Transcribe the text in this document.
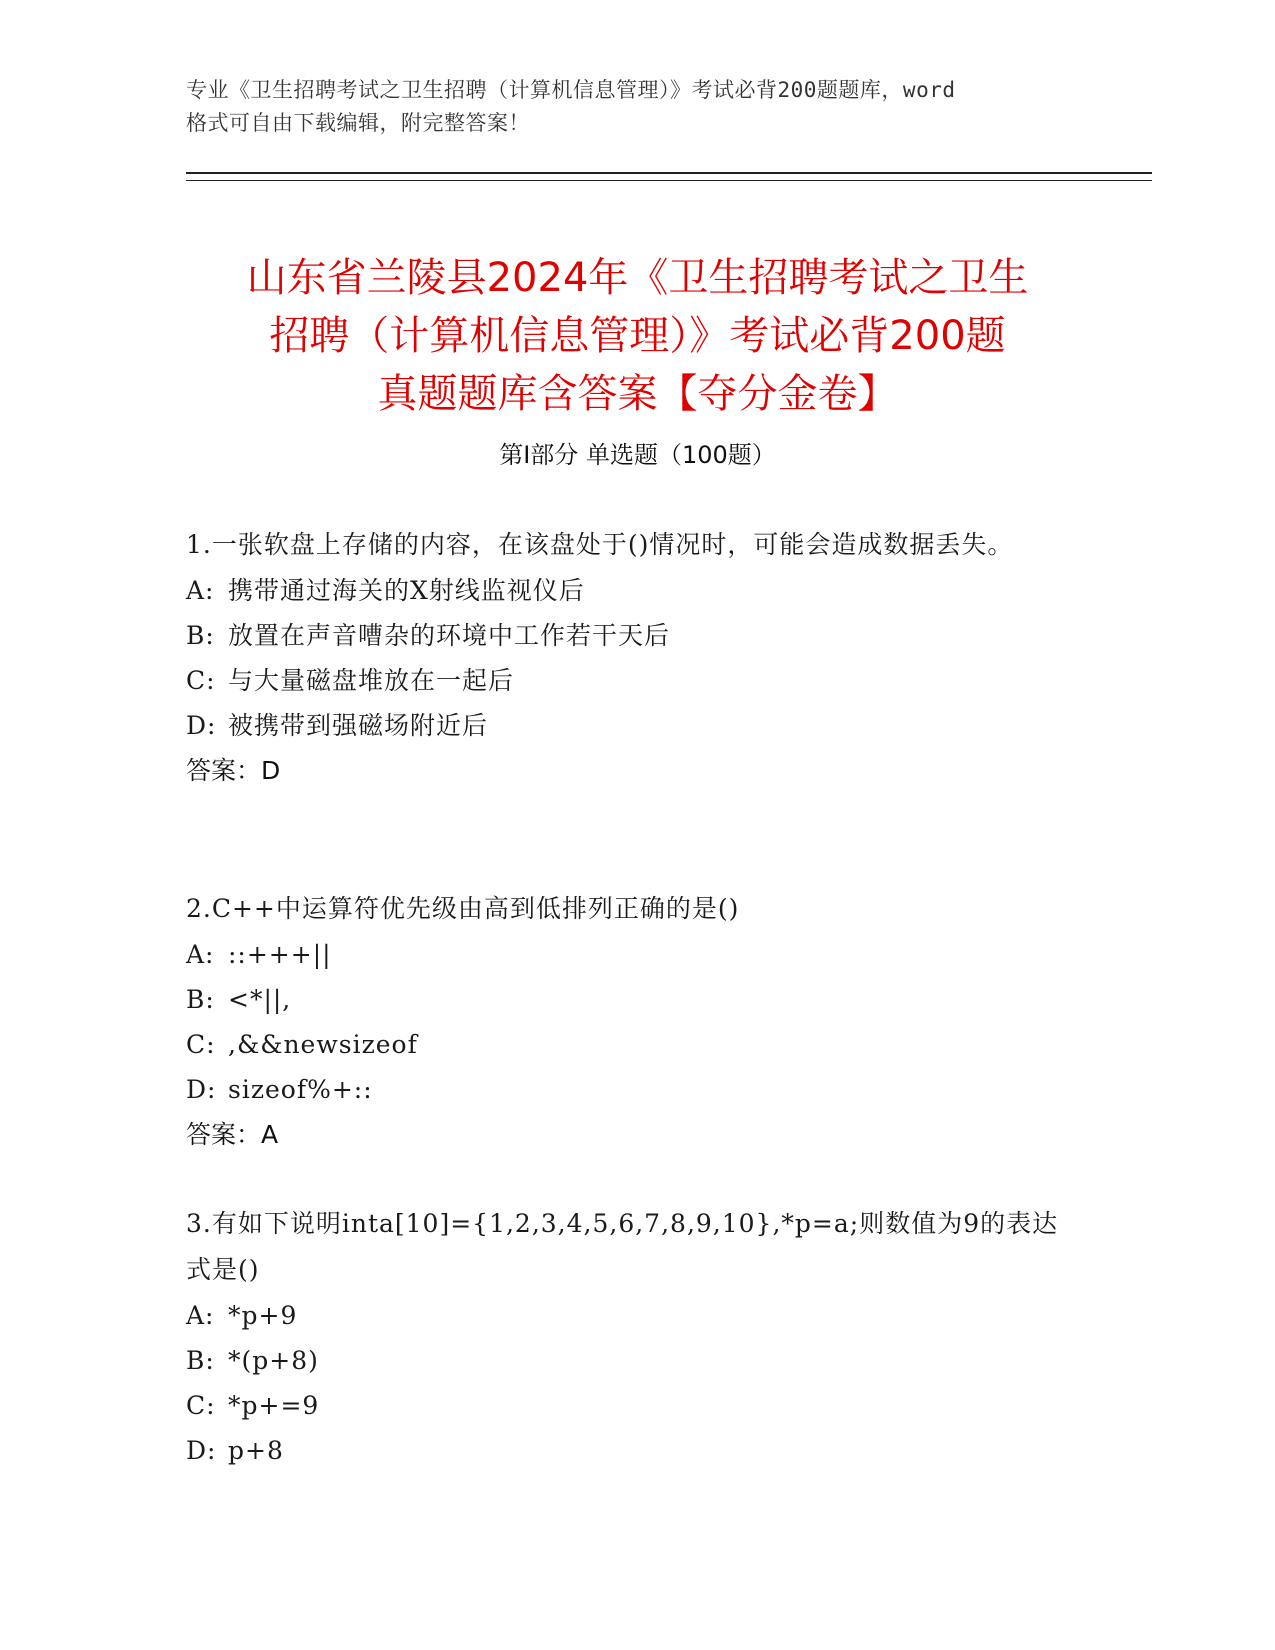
专业《卫生招聘考试之卫生招聘（计算机信息管理）》考试必背200题题库，word
格式可自由下载编辑，附完整答案！
山东省兰陵县2024年《卫生招聘考试之卫生
招聘（计算机信息管理）》考试必背200题
真题题库含答案【夺分金卷】
第Ⅰ部分 单选题（100题）
1.一张软盘上存储的内容，在该盘处于()情况时，可能会造成数据丢失。
A: 携带通过海关的X射线监视仪后
B: 放置在声音嘈杂的环境中工作若干天后
C: 与大量磁盘堆放在一起后
D: 被携带到强磁场附近后
答案：D
2.C++中运算符优先级由高到低排列正确的是()
A: ::+++||
B: <*||,
C: ,&&newsizeof
D: sizeof%+::
答案：A
3.有如下说明inta[10]={1,2,3,4,5,6,7,8,9,10},*p=a;则数值为9的表达式是()
A: *p+9
B: *(p+8)
C: *p+=9
D: p+8
